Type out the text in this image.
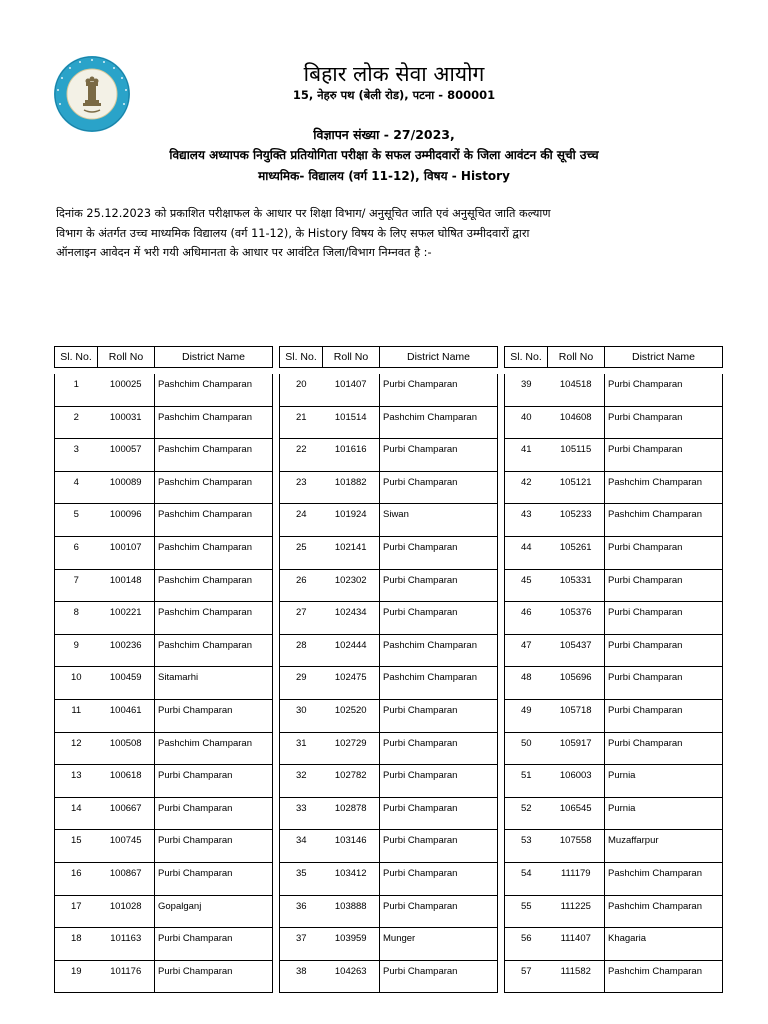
बिहार लोक सेवा आयोग
15, नेहरु पथ (बेली रोड), पटना - 800001
विज्ञापन संख्या - 27/2023,
विद्यालय अध्यापक नियुक्ति प्रतियोगिता परीक्षा के सफल उम्मीदवारों के जिला आवंटन की सूची उच्च
माध्यमिक- विद्यालय (वर्ग 11-12), विषय - History
दिनांक 25.12.2023 को प्रकाशित परीक्षाफल के आधार पर शिक्षा विभाग/ अनुसूचित जाति एवं अनुसूचित जाति कल्याण
विभाग के अंतर्गत उच्च माध्यमिक विद्यालय (वर्ग 11-12), के History विषय के लिए सफल घोषित उम्मीदवारों द्वारा
ऑनलाइन आवेदन में भरी गयी अधिमानता के आधार पर आवंटित जिला/विभाग निम्नवत है :-
Sl. No.	Roll No	District Name

1	100025	Pashchim Champaran
2	100031	Pashchim Champaran
3	100057	Pashchim Champaran
4	100089	Pashchim Champaran
5	100096	Pashchim Champaran
6	100107	Pashchim Champaran
7	100148	Pashchim Champaran
8	100221	Pashchim Champaran
9	100236	Pashchim Champaran
10	100459	Sitamarhi
11	100461	Purbi Champaran
12	100508	Pashchim Champaran
13	100618	Purbi Champaran
14	100667	Purbi Champaran
15	100745	Purbi Champaran
16	100867	Purbi Champaran
17	101028	Gopalganj
18	101163	Purbi Champaran
19	101176	Purbi Champaran
Sl. No.	Roll No	District Name

20	101407	Purbi Champaran
21	101514	Pashchim Champaran
22	101616	Purbi Champaran
23	101882	Purbi Champaran
24	101924	Siwan
25	102141	Purbi Champaran
26	102302	Purbi Champaran
27	102434	Purbi Champaran
28	102444	Pashchim Champaran
29	102475	Pashchim Champaran
30	102520	Purbi Champaran
31	102729	Purbi Champaran
32	102782	Purbi Champaran
33	102878	Purbi Champaran
34	103146	Purbi Champaran
35	103412	Purbi Champaran
36	103888	Purbi Champaran
37	103959	Munger
38	104263	Purbi Champaran
Sl. No.	Roll No	District Name

39	104518	Purbi Champaran
40	104608	Purbi Champaran
41	105115	Purbi Champaran
42	105121	Pashchim Champaran
43	105233	Pashchim Champaran
44	105261	Purbi Champaran
45	105331	Purbi Champaran
46	105376	Purbi Champaran
47	105437	Purbi Champaran
48	105696	Purbi Champaran
49	105718	Purbi Champaran
50	105917	Purbi Champaran
51	106003	Purnia
52	106545	Purnia
53	107558	Muzaffarpur
54	111179	Pashchim Champaran
55	111225	Pashchim Champaran
56	111407	Khagaria
57	111582	Pashchim Champaran
